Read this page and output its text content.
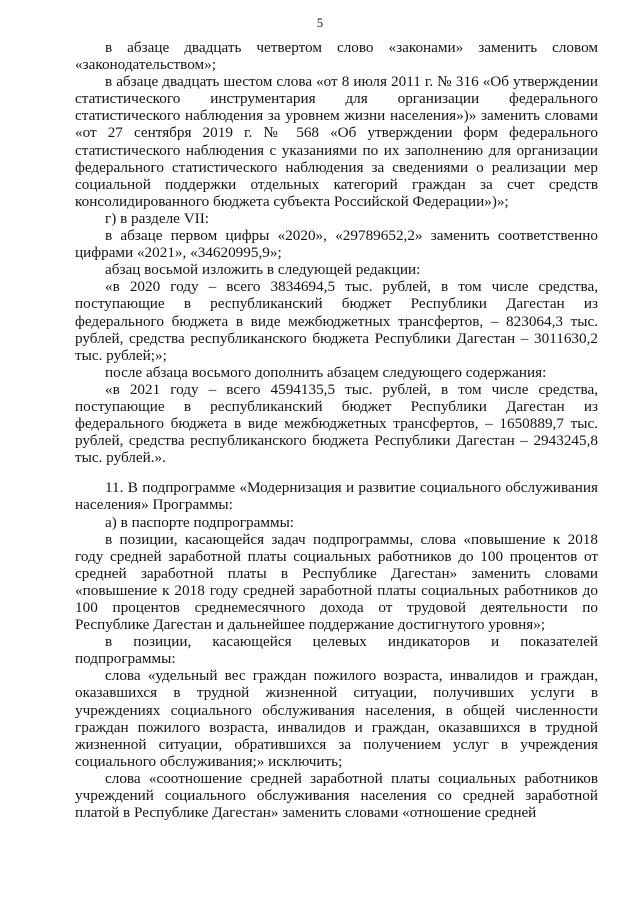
5

в абзаце двадцать четвертом слово «законами» заменить словом «законодательством»;

в абзаце двадцать шестом слова «от 8 июля 2011 г. № 316 «Об утверждении статистического инструментария для организации федерального статистического наблюдения за уровнем жизни населения»)» заменить словами «от 27 сентября 2019 г. № 568 «Об утверждении форм федерального статистического наблюдения с указаниями по их заполнению для организации федерального статистического наблюдения за сведениями о реализации мер социальной поддержки отдельных категорий граждан за счет средств консолидированного бюджета субъекта Российской Федерации»)»;

г) в разделе VII:

в абзаце первом цифры «2020», «29789652,2» заменить соответственно цифрами «2021», «34620995,9»;

абзац восьмой изложить в следующей редакции:

«в 2020 году – всего 3834694,5 тыс. рублей, в том числе средства, поступающие в республиканский бюджет Республики Дагестан из федерального бюджета в виде межбюджетных трансфертов, – 823064,3 тыс. рублей, средства республиканского бюджета Республики Дагестан – 3011630,2 тыс. рублей;»;

после абзаца восьмого дополнить абзацем следующего содержания:

«в 2021 году – всего 4594135,5 тыс. рублей, в том числе средства, поступающие в республиканский бюджет Республики Дагестан из федерального бюджета в виде межбюджетных трансфертов, – 1650889,7 тыс. рублей, средства республиканского бюджета Республики Дагестан – 2943245,8 тыс. рублей.».

11. В подпрограмме «Модернизация и развитие социального обслуживания населения» Программы:

а) в паспорте подпрограммы:

в позиции, касающейся задач подпрограммы, слова «повышение к 2018 году средней заработной платы социальных работников до 100 процентов от средней заработной платы в Республике Дагестан» заменить словами «повышение к 2018 году средней заработной платы социальных работников до 100 процентов среднемесячного дохода от трудовой деятельности по Республике Дагестан и дальнейшее поддержание достигнутого уровня»;

в позиции, касающейся целевых индикаторов и показателей подпрограммы:

слова «удельный вес граждан пожилого возраста, инвалидов и граждан, оказавшихся в трудной жизненной ситуации, получивших услуги в учреждениях социального обслуживания населения, в общей численности граждан пожилого возраста, инвалидов и граждан, оказавшихся в трудной жизненной ситуации, обратившихся за получением услуг в учреждения социального обслуживания;» исключить;

слова «соотношение средней заработной платы социальных работников учреждений социального обслуживания населения со средней заработной платой в Республике Дагестан» заменить словами «отношение средней
